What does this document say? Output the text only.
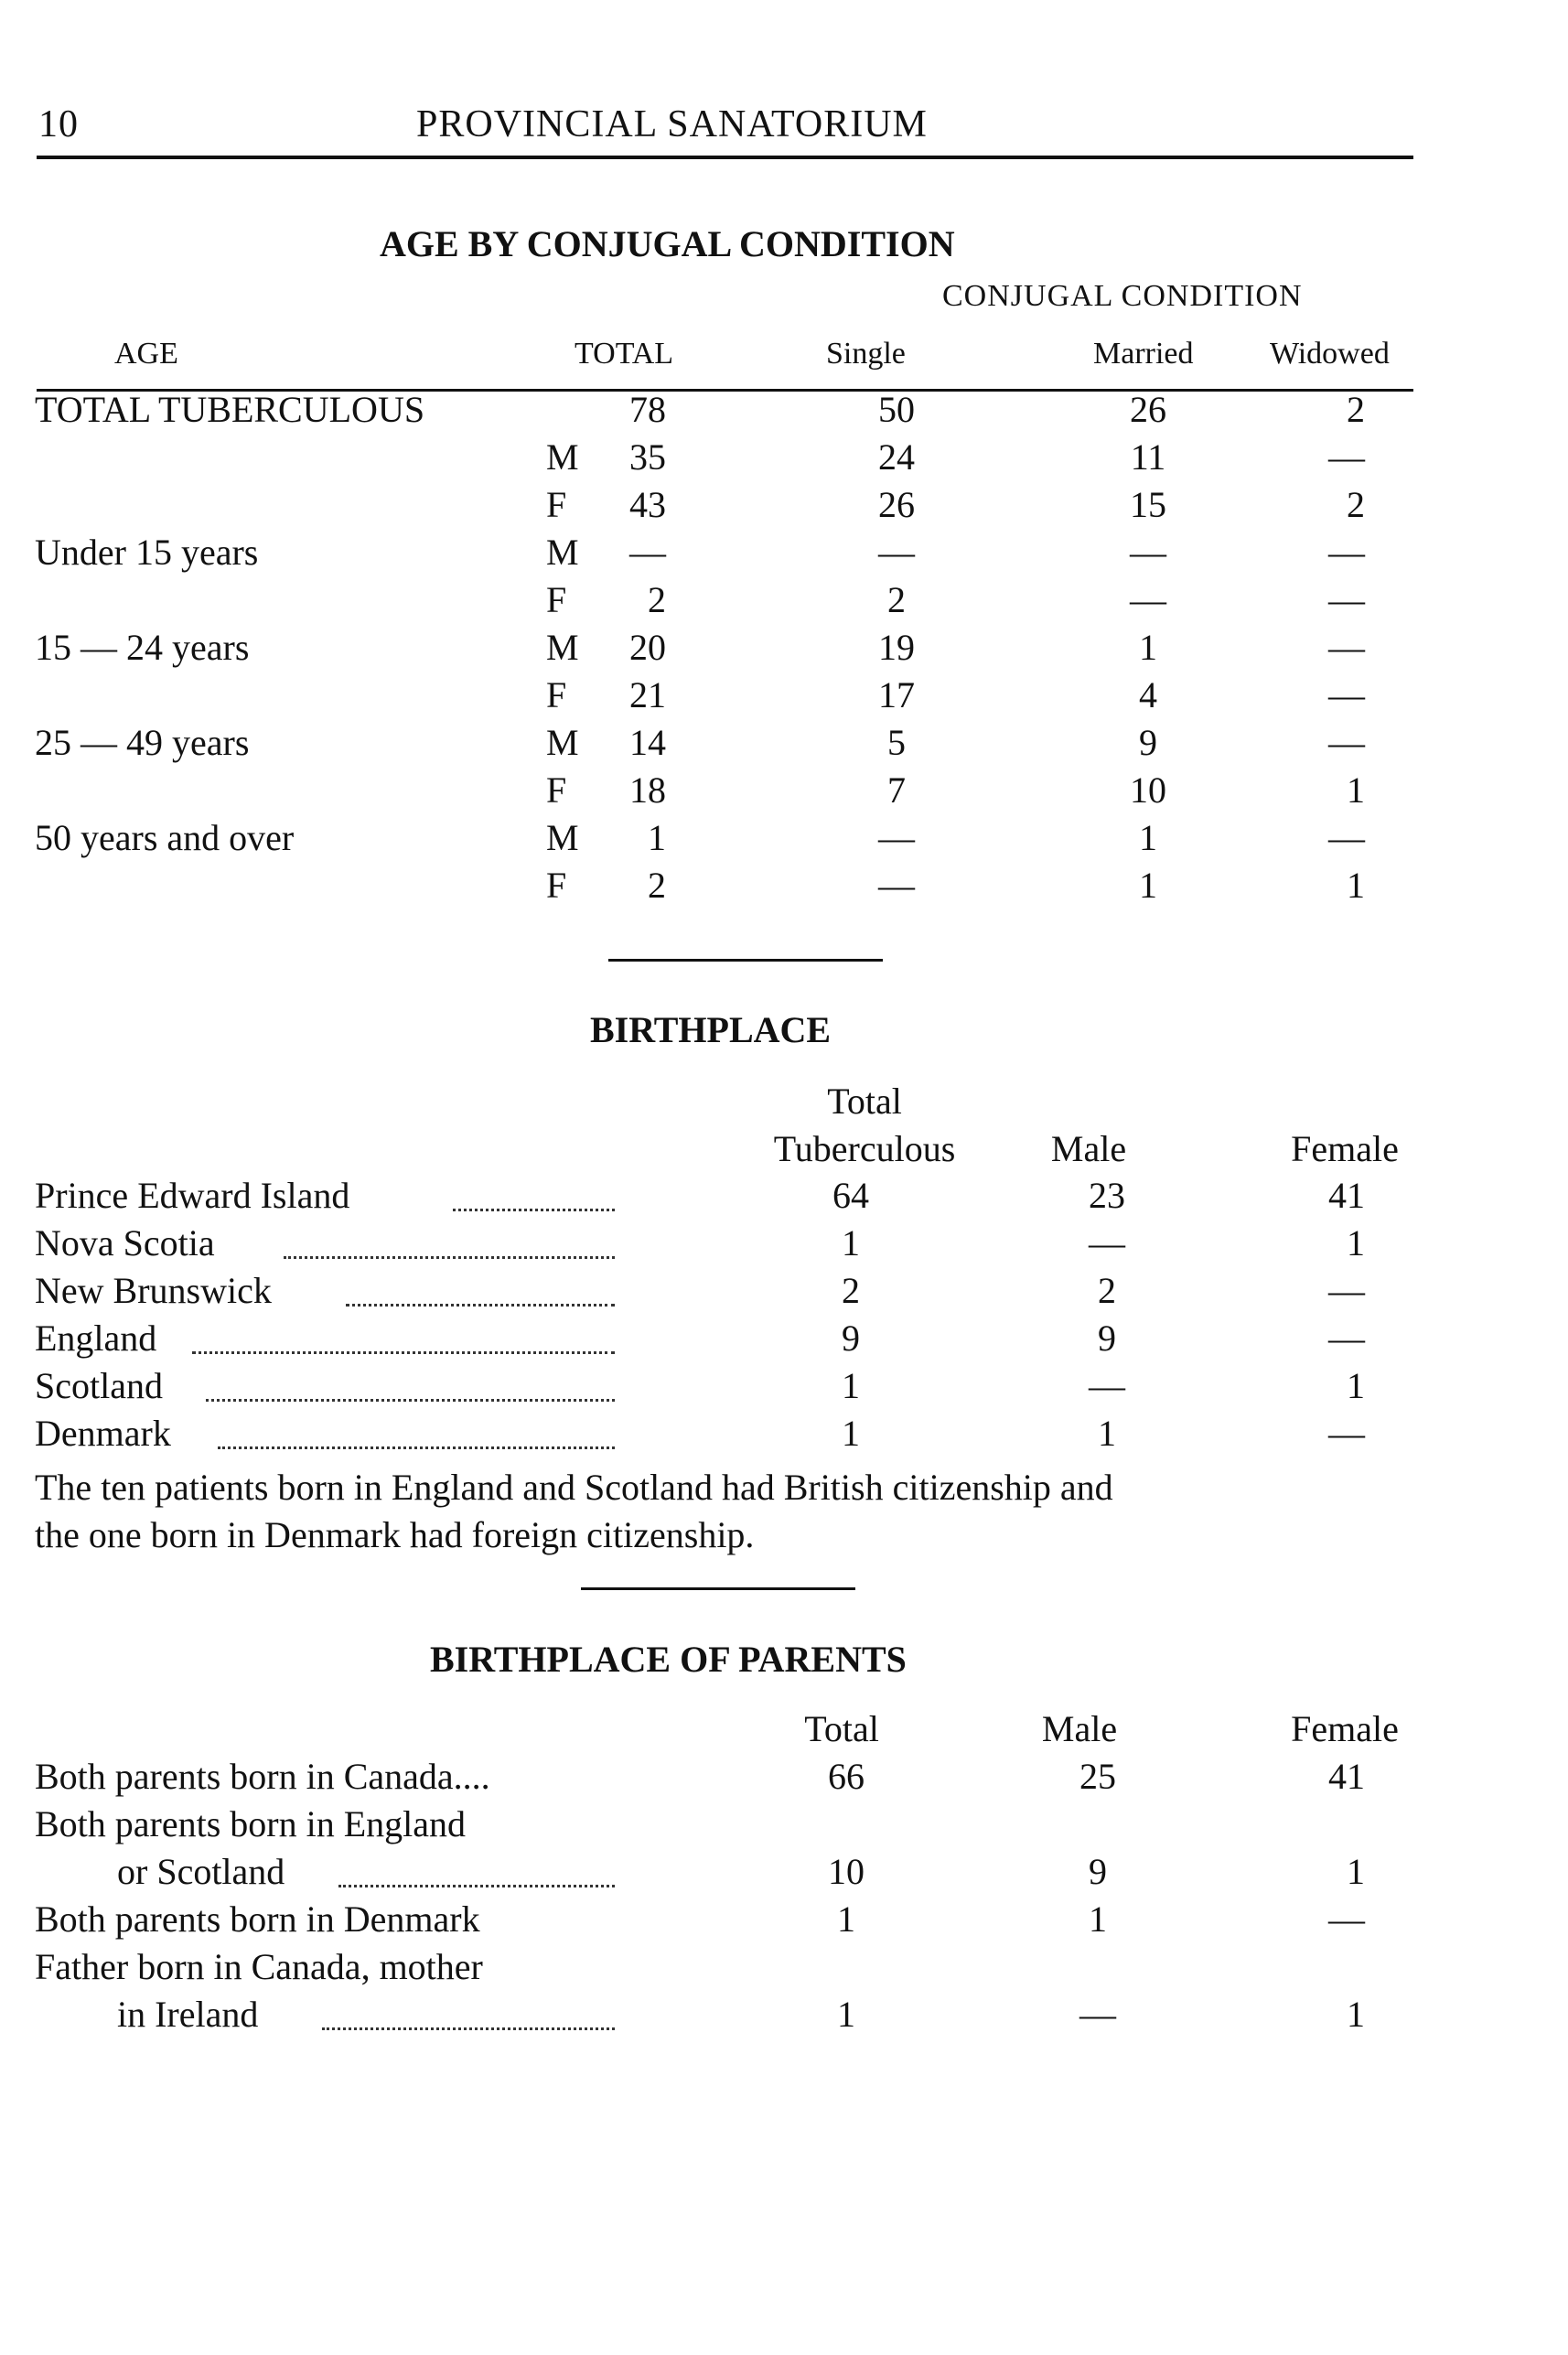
10	PROVINCIAL SANATORIUM
AGE BY CONJUGAL CONDITION
CONJUGAL CONDITION
AGE	TOTAL	Single	Married Widowed
TOTAL TUBERCULOUS	78	50	26	2
M	35	24	11	—
F	43	26	15	2
Under 15 years	M	—	—	—	—
F	2	2	—	—
15 — 24 years	M	20	19	1	—
F	21	17	4	—
25 — 49 years	M	14	5	9	—
F	18	7	10	1
50 years and over	M	1	—	1	—
F	2	—	1	1
BIRTHPLACE
Total
Tuberculous	Male	Female
Prince Edward Island	64	23	41
Nova Scotia	1	—	1
New Brunswick	2	2	—
England	9	9	—
Scotland	1	—	1
Denmark	1	1	—
The ten patients born in England and Scotland had British citizenship and
the one born in Denmark had foreign citizenship.
BIRTHPLACE OF PARENTS
Total	Male	Female
Both parents born in Canada....	66	25	41
Both parents born in England
or Scotland	10	9	1
Both parents born in Denmark	1	1	—
Father born in Canada, mother
in Ireland	1	—	1
